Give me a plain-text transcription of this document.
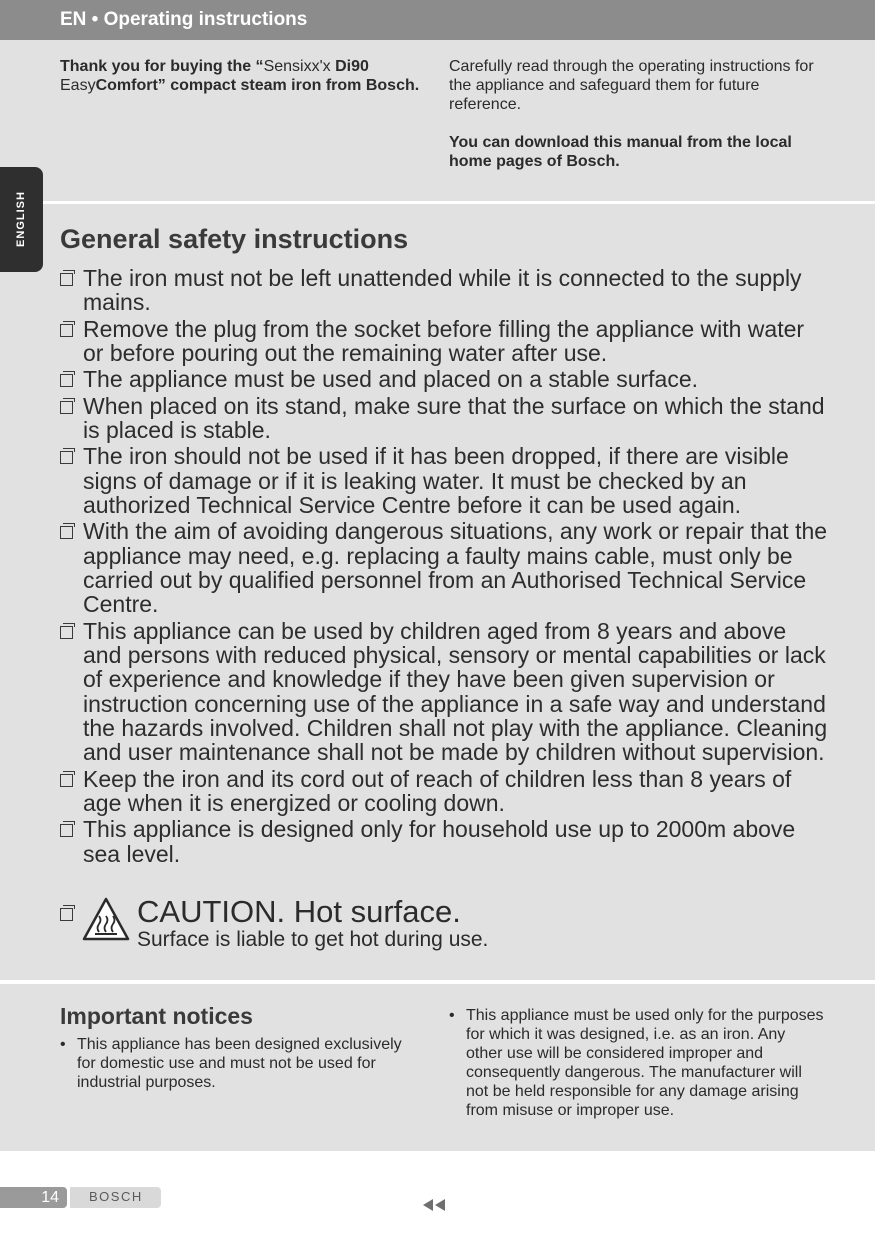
EN • Operating instructions
ENGLISH
Thank you for buying the “Sensixx'x Di90
EasyComfort” compact steam iron from Bosch.

Carefully read through the operating instructions for the appliance and safeguard them for future reference.

You can download this manual from the local home pages of Bosch.

General safety instructions
The iron must not be left unattended while it is connected to the supply mains.
Remove the plug from the socket before filling the appliance with water or before pouring out the remaining water after use.
The appliance must be used and placed on a stable surface.
When placed on its stand, make sure that the surface on which the stand is placed is stable.
The iron should not be used if it has been dropped, if there are visible signs of damage or if it is leaking water. It must be checked by an authorized Technical Service Centre before it can be used again.
With the aim of avoiding dangerous situations, any work or repair that the appliance may need, e.g. replacing a faulty mains cable, must only be carried out by qualified personnel from an Authorised Technical Service Centre.
This appliance can be used by children aged from 8 years and above and persons with reduced physical, sensory or mental capabilities or lack of experience and knowledge if they have been given supervision or instruction concerning use of the appliance in a safe way and understand the hazards involved. Children shall not play with the appliance. Cleaning and user maintenance shall not be made by children without supervision.
Keep the iron and its cord out of reach of children less than 8 years of age when it is energized or cooling down.
This appliance is designed only for household use up to 2000m above sea level.
CAUTION. Hot surface.
Surface is liable to get hot during use.
Important notices
• This appliance has been designed exclusively for domestic use and must not be used for industrial purposes.
• This appliance must be used only for the purposes for which it was designed, i.e. as an iron. Any other use will be considered improper and consequently dangerous. The manufacturer will not be held responsible for any damage arising from misuse or improper use.
14 BOSCH
